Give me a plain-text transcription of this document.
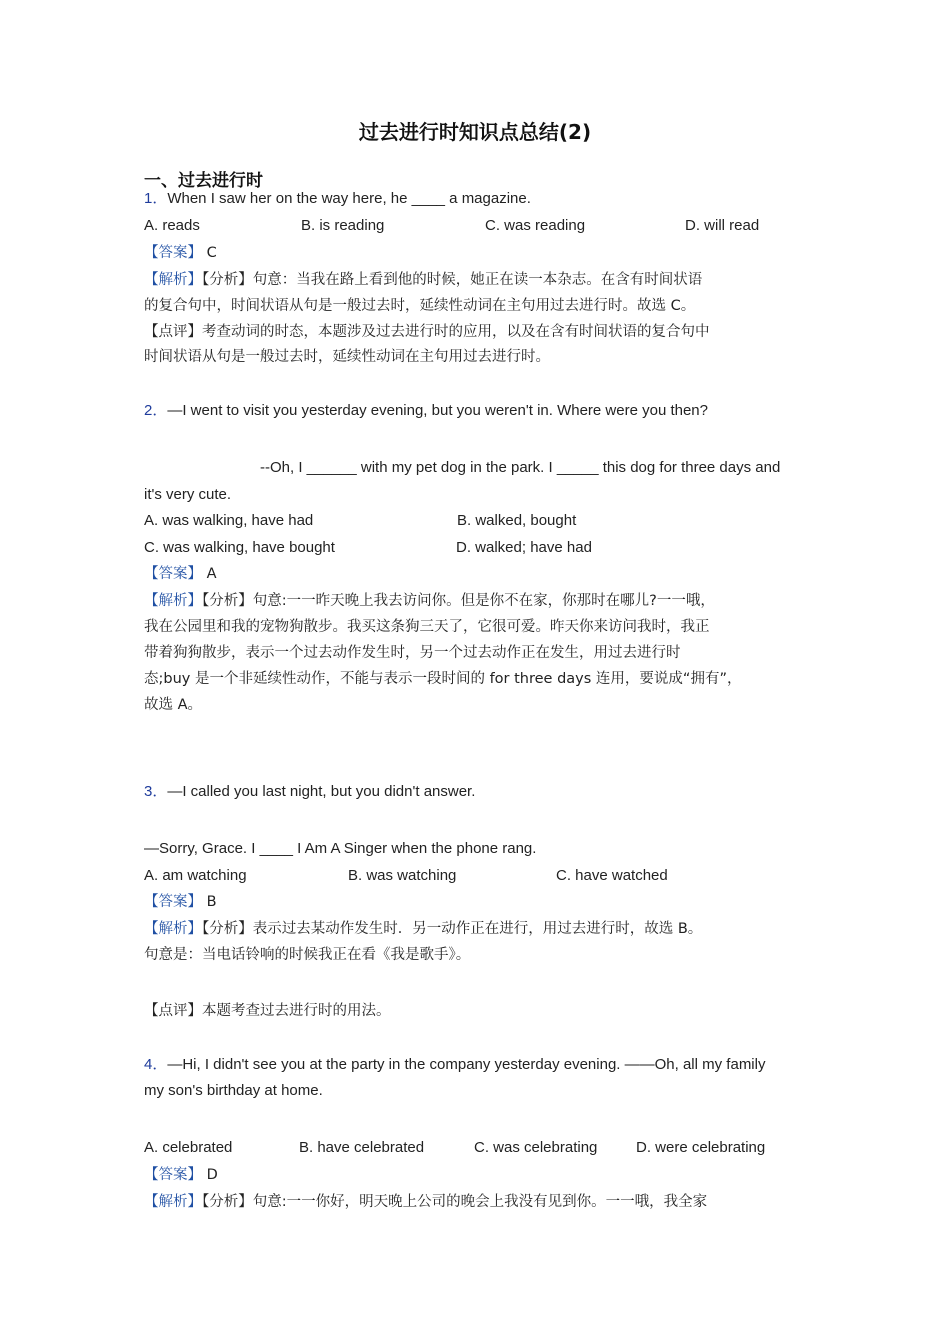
过去进行时知识点总结(2)
一、过去进行时
1．When I saw her on the way here, he ____ a magazine.
A. reads	B. is reading	C. was reading	D. will read
【答案】 C
【解析】【分析】句意：当我在路上看到他的时候，她正在读一本杂志。在含有时间状语
的复合句中，时间状语从句是一般过去时，延续性动词在主句用过去进行时。故选 C。
【点评】考查动词的时态，本题涉及过去进行时的应用，以及在含有时间状语的复合句中
时间状语从句是一般过去时，延续性动词在主句用过去进行时。
2．—I went to visit you yesterday evening, but you weren't in. Where were you then?
--Oh, I ______ with my pet dog in the park. I _____ this dog for three days and
it's very cute.
A. was walking, have had	B. walked, bought
C. was walking, have bought	D. walked; have had
【答案】 A
【解析】【分析】句意:一一昨天晚上我去访问你。但是你不在家，你那时在哪儿?一一哦，
我在公园里和我的宠物狗散步。我买这条狗三天了，它很可爱。昨天你来访问我时，我正
带着狗狗散步，表示一个过去动作发生时，另一个过去动作正在发生，用过去进行时
态;buy 是一个非延续性动作，不能与表示一段时间的 for three days 连用，要说成“拥有”，
故选 A。
3．—I called you last night, but you didn't answer.
—Sorry, Grace. I ____ I Am A Singer when the phone rang.
A. am watching	B. was watching	C. have watched
【答案】 B
【解析】【分析】表示过去某动作发生时．另一动作正在进行，用过去进行时，故选 B。
句意是：当电话铃响的时候我正在看《我是歌手》。
【点评】本题考查过去进行时的用法。
4．—Hi, I didn't see you at the party in the company yesterday evening. ——Oh, all my family
my son's birthday at home.
A. celebrated	B. have celebrated	C. was celebrating	D. were celebrating
【答案】 D
【解析】【分析】句意:一一你好，明天晚上公司的晚会上我没有见到你。一一哦，我全家
